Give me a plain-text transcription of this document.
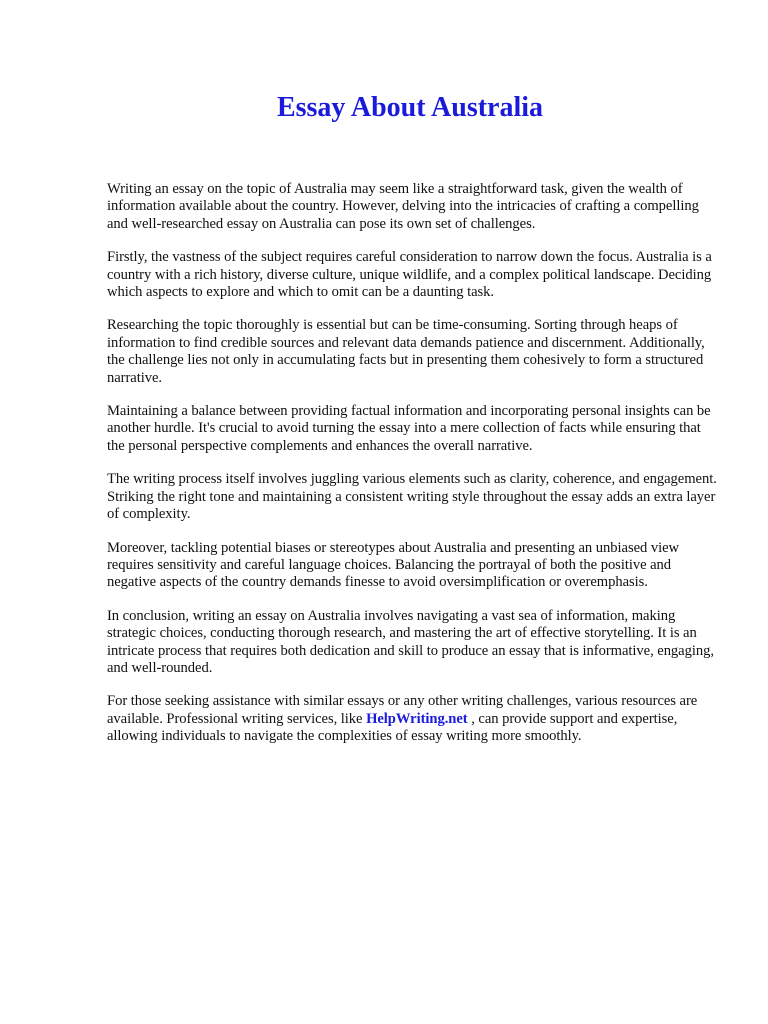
Essay About Australia

Writing an essay on the topic of Australia may seem like a straightforward task, given the wealth of information available about the country. However, delving into the intricacies of crafting a compelling and well-researched essay on Australia can pose its own set of challenges.

Firstly, the vastness of the subject requires careful consideration to narrow down the focus. Australia is a country with a rich history, diverse culture, unique wildlife, and a complex political landscape. Deciding which aspects to explore and which to omit can be a daunting task.

Researching the topic thoroughly is essential but can be time-consuming. Sorting through heaps of information to find credible sources and relevant data demands patience and discernment. Additionally, the challenge lies not only in accumulating facts but in presenting them cohesively to form a structured narrative.

Maintaining a balance between providing factual information and incorporating personal insights can be another hurdle. It's crucial to avoid turning the essay into a mere collection of facts while ensuring that the personal perspective complements and enhances the overall narrative.

The writing process itself involves juggling various elements such as clarity, coherence, and engagement. Striking the right tone and maintaining a consistent writing style throughout the essay adds an extra layer of complexity.

Moreover, tackling potential biases or stereotypes about Australia and presenting an unbiased view requires sensitivity and careful language choices. Balancing the portrayal of both the positive and negative aspects of the country demands finesse to avoid oversimplification or overemphasis.

In conclusion, writing an essay on Australia involves navigating a vast sea of information, making strategic choices, conducting thorough research, and mastering the art of effective storytelling. It is an intricate process that requires both dedication and skill to produce an essay that is informative, engaging, and well-rounded.

For those seeking assistance with similar essays or any other writing challenges, various resources are available. Professional writing services, like HelpWriting.net , can provide support and expertise, allowing individuals to navigate the complexities of essay writing more smoothly.
